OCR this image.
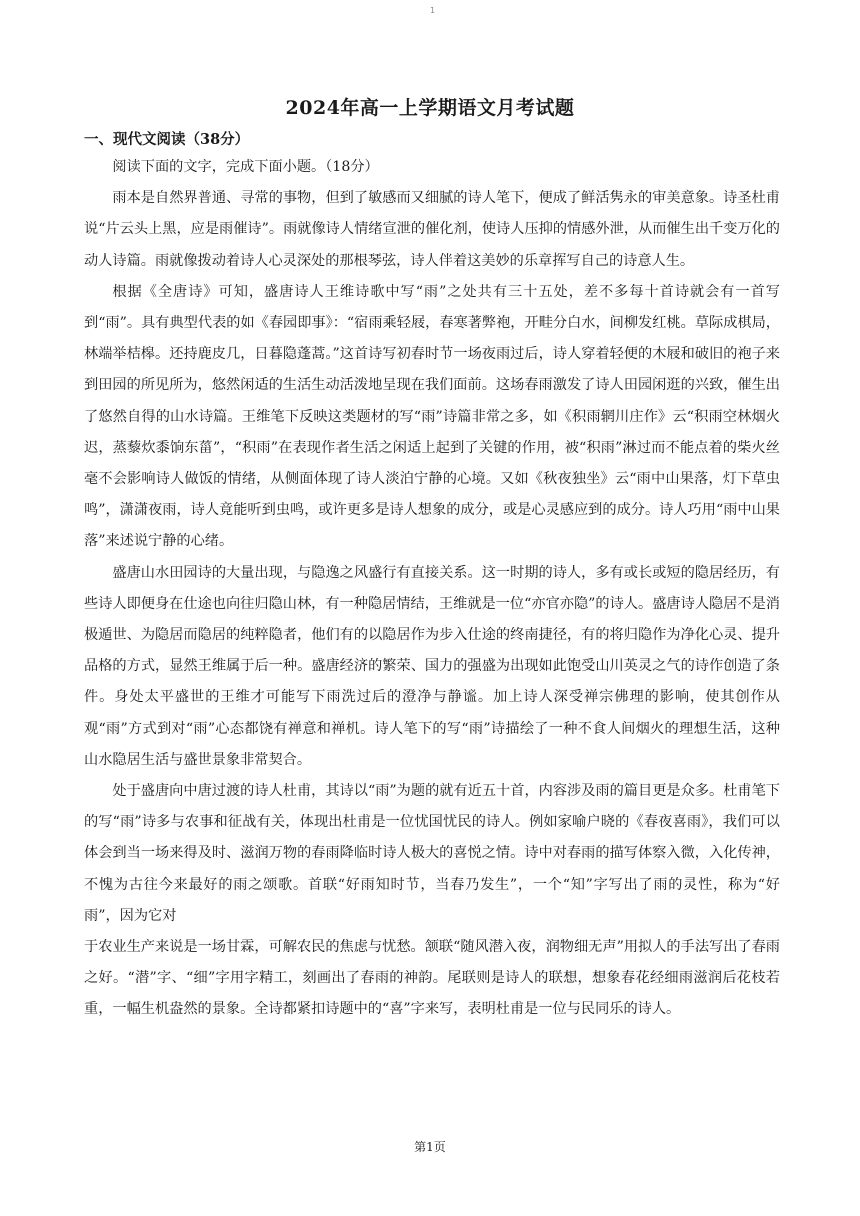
1
2024年高一上学期语文月考试题
一、现代文阅读（38分）

阅读下面的文字，完成下面小题。（18分）

雨本是自然界普通、寻常的事物，但到了敏感而又细腻的诗人笔下，便成了鲜活隽永的审美意象。诗圣杜甫说“片云头上黑，应是雨催诗”。雨就像诗人情绪宣泄的催化剂，使诗人压抑的情感外泄，从而催生出千变万化的动人诗篇。雨就像拨动着诗人心灵深处的那根琴弦，诗人伴着这美妙的乐章挥写自己的诗意人生。

根据《全唐诗》可知，盛唐诗人王维诗歌中写“雨”之处共有三十五处，差不多每十首诗就会有一首写到“雨”。具有典型代表的如《春园即事》：“宿雨乘轻屐，春寒著弊袍，开畦分白水，间柳发红桃。草际成棋局，林端举桔槔。还持鹿皮几，日暮隐蓬蒿。”这首诗写初春时节一场夜雨过后，诗人穿着轻便的木屐和破旧的袍子来到田园的所见所为，悠然闲适的生活生动活泼地呈现在我们面前。这场春雨激发了诗人田园闲逛的兴致，催生出了悠然自得的山水诗篇。王维笔下反映这类题材的写“雨”诗篇非常之多，如《积雨辋川庄作》云“积雨空林烟火迟，蒸藜炊黍饷东菑”，“积雨”在表现作者生活之闲适上起到了关键的作用，被“积雨”淋过而不能点着的柴火丝毫不会影响诗人做饭的情绪，从侧面体现了诗人淡泊宁静的心境。又如《秋夜独坐》云“雨中山果落，灯下草虫鸣”，潇潇夜雨，诗人竟能听到虫鸣，或许更多是诗人想象的成分，或是心灵感应到的成分。诗人巧用“雨中山果落”来述说宁静的心绪。

盛唐山水田园诗的大量出现，与隐逸之风盛行有直接关系。这一时期的诗人，多有或长或短的隐居经历，有些诗人即便身在仕途也向往归隐山林，有一种隐居情结，王维就是一位“亦官亦隐”的诗人。盛唐诗人隐居不是消极遁世、为隐居而隐居的纯粹隐者，他们有的以隐居作为步入仕途的终南捷径，有的将归隐作为净化心灵、提升品格的方式，显然王维属于后一种。盛唐经济的繁荣、国力的强盛为出现如此饱受山川英灵之气的诗作创造了条件。身处太平盛世的王维才可能写下雨洗过后的澄净与静谧。加上诗人深受禅宗佛理的影响，使其创作从观“雨”方式到对“雨”心态都饶有禅意和禅机。诗人笔下的写“雨”诗描绘了一种不食人间烟火的理想生活，这种山水隐居生活与盛世景象非常契合。

处于盛唐向中唐过渡的诗人杜甫，其诗以“雨”为题的就有近五十首，内容涉及雨的篇目更是众多。杜甫笔下的写“雨”诗多与农事和征战有关，体现出杜甫是一位忧国忧民的诗人。例如家喻户晓的《春夜喜雨》，我们可以体会到当一场来得及时、滋润万物的春雨降临时诗人极大的喜悦之情。诗中对春雨的描写体察入微，入化传神，不愧为古往今来最好的雨之颂歌。首联“好雨知时节，当春乃发生”，一个“知”字写出了雨的灵性，称为“好雨”，因为它对

于农业生产来说是一场甘霖，可解农民的焦虑与忧愁。颔联“随风潜入夜，润物细无声”用拟人的手法写出了春雨之好。“潜”字、“细”字用字精工，刻画出了春雨的神韵。尾联则是诗人的联想，想象春花经细雨滋润后花枝若重，一幅生机盎然的景象。全诗都紧扣诗题中的“喜”字来写，表明杜甫是一位与民同乐的诗人。

第1页
